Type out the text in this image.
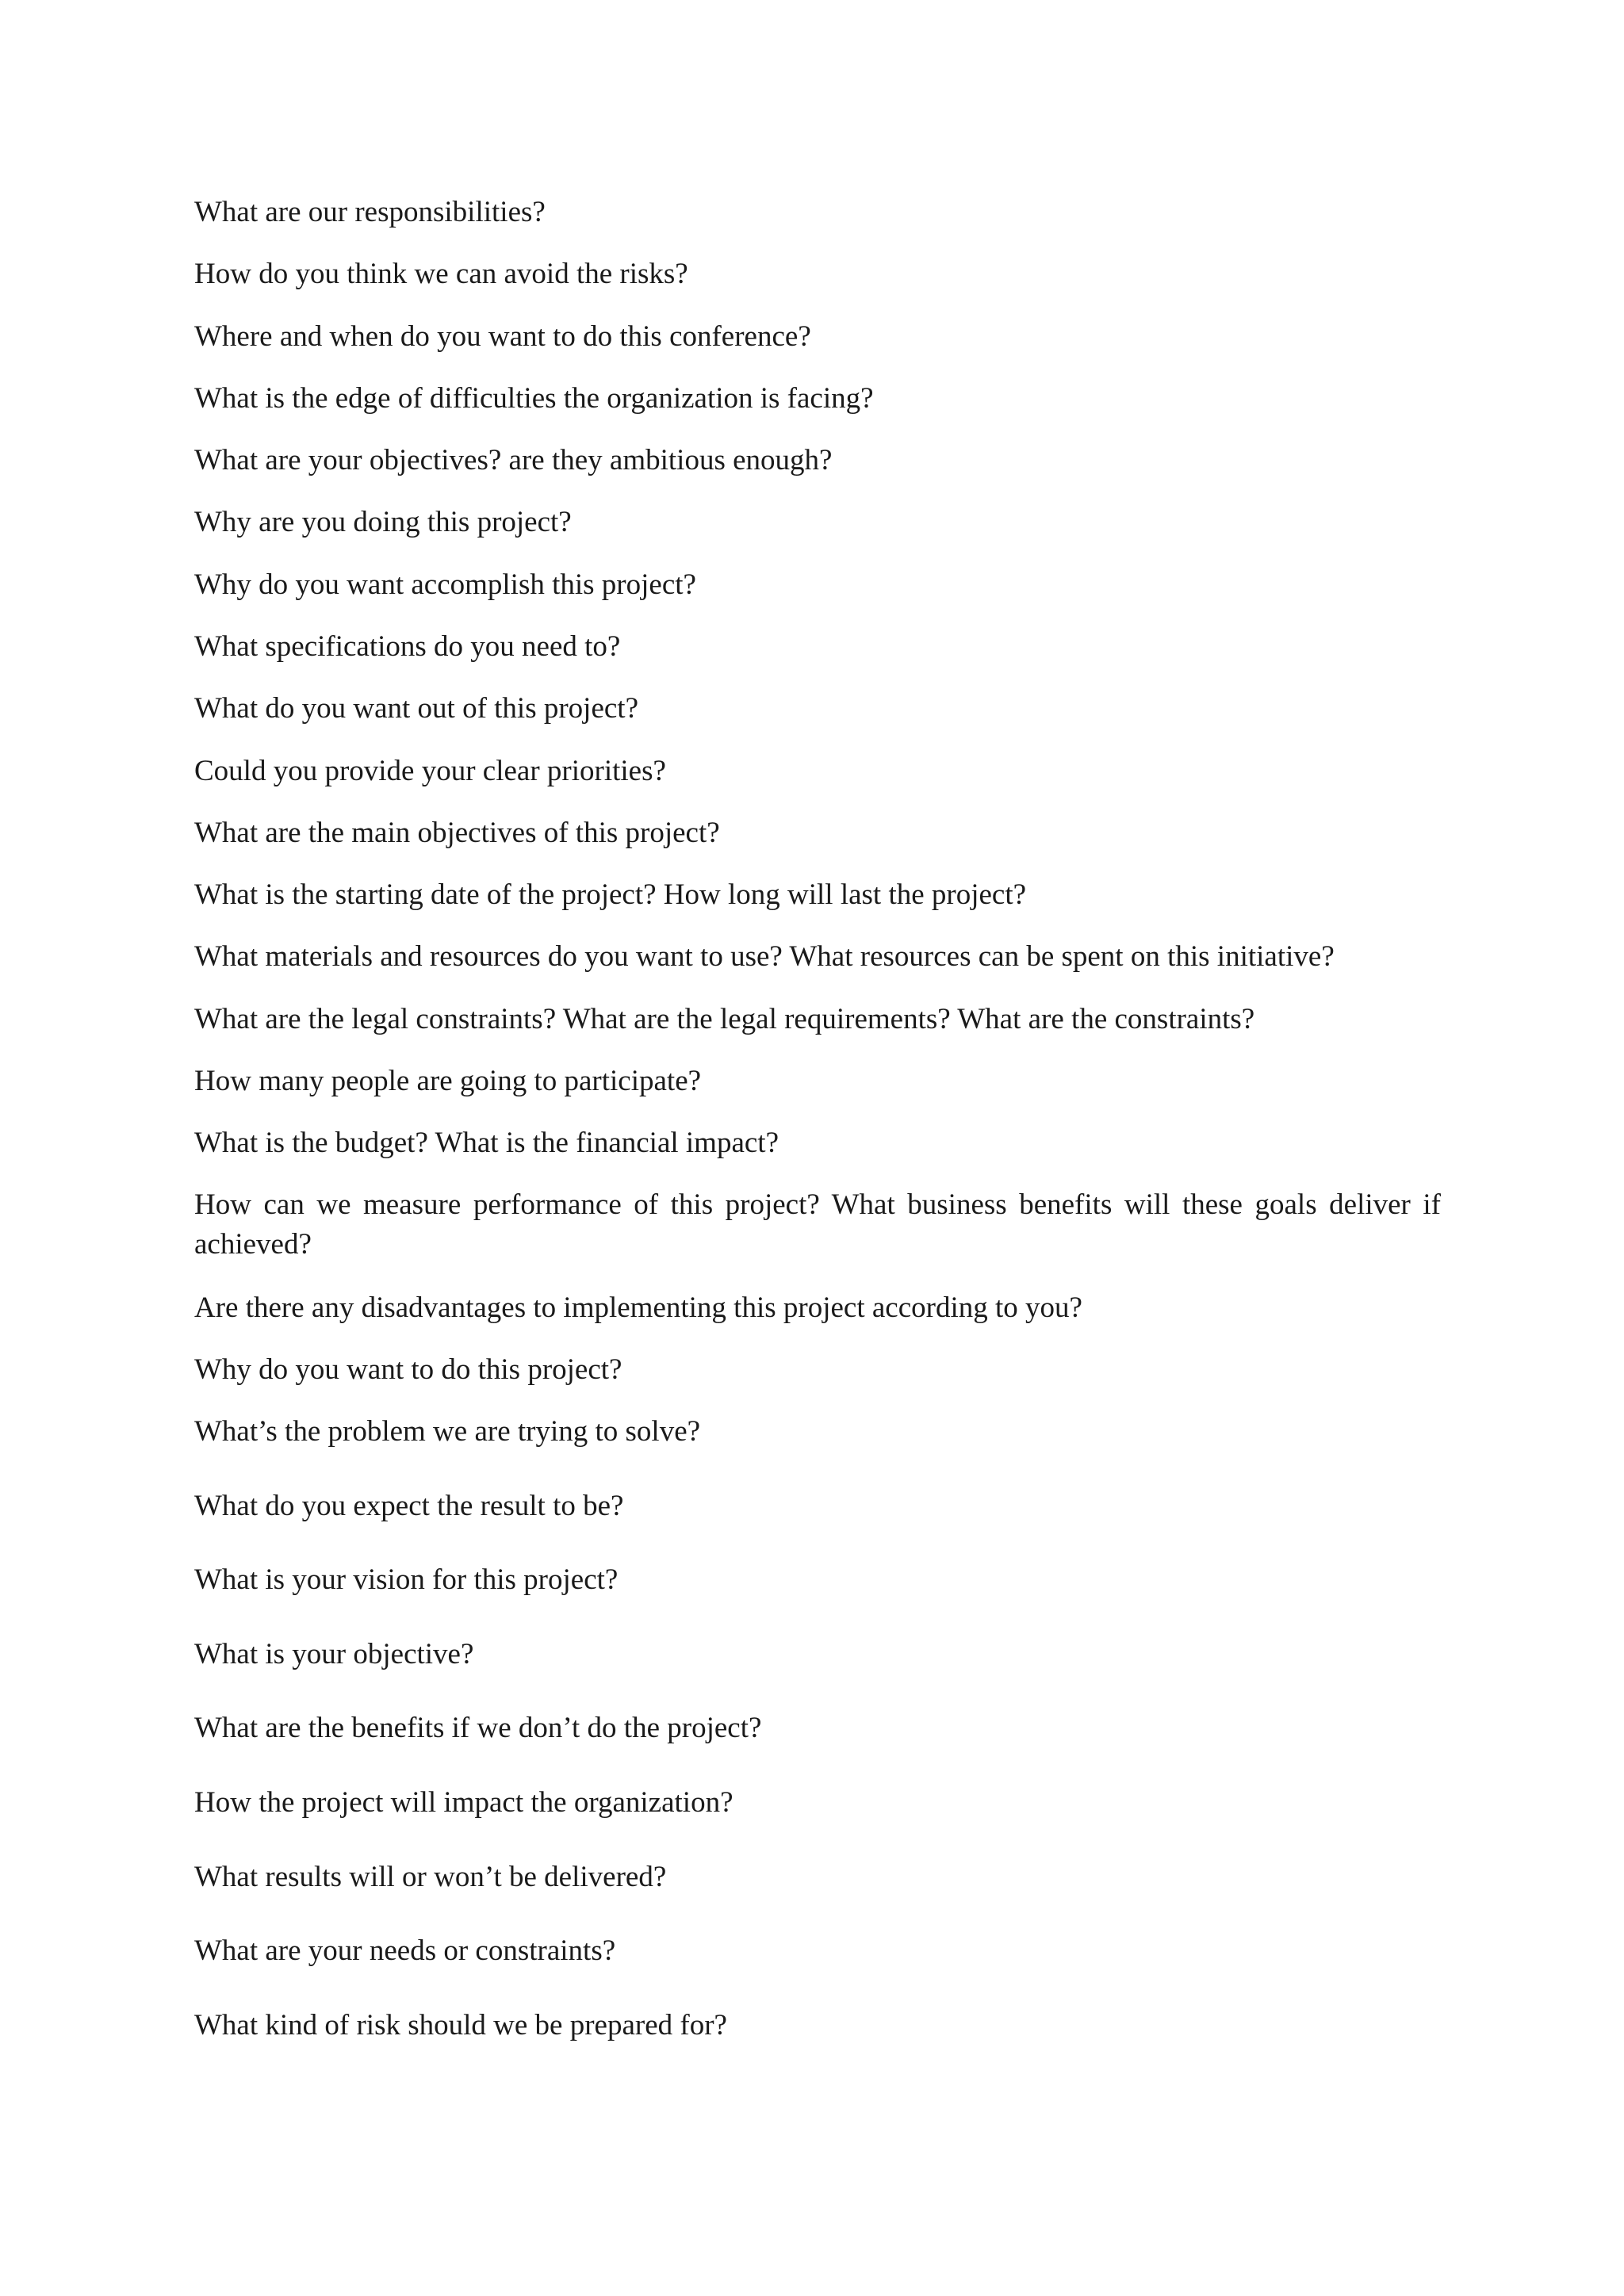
What are our responsibilities?
How do you think we can avoid the risks?
Where and when do you want to do this conference?
What is the edge of difficulties the organization is facing?
What are your objectives? are they ambitious enough?
Why are you doing this project?
Why do you want accomplish this project?
What specifications do you need to?
What do you want out of this project?
Could you provide your clear priorities?
What are the main objectives of this project?
What is the starting date of the project? How long will last the project?
What materials and resources do you want to use? What resources can be spent on this initiative?
What are the legal constraints? What are the legal requirements? What are the constraints?
How many people are going to participate?
What is the budget? What is the financial impact?
How can we measure performance of this project? What business benefits will these goals deliver if achieved?
Are there any disadvantages to implementing this project according to you?
Why do you want to do this project?
What’s the problem we are trying to solve?
What do you expect the result to be?
What is your vision for this project?
What is your objective?
What are the benefits if we don’t do the project?
How the project will impact the organization?
What results will or won’t be delivered?
What are your needs or constraints?
What kind of risk should we be prepared for?
